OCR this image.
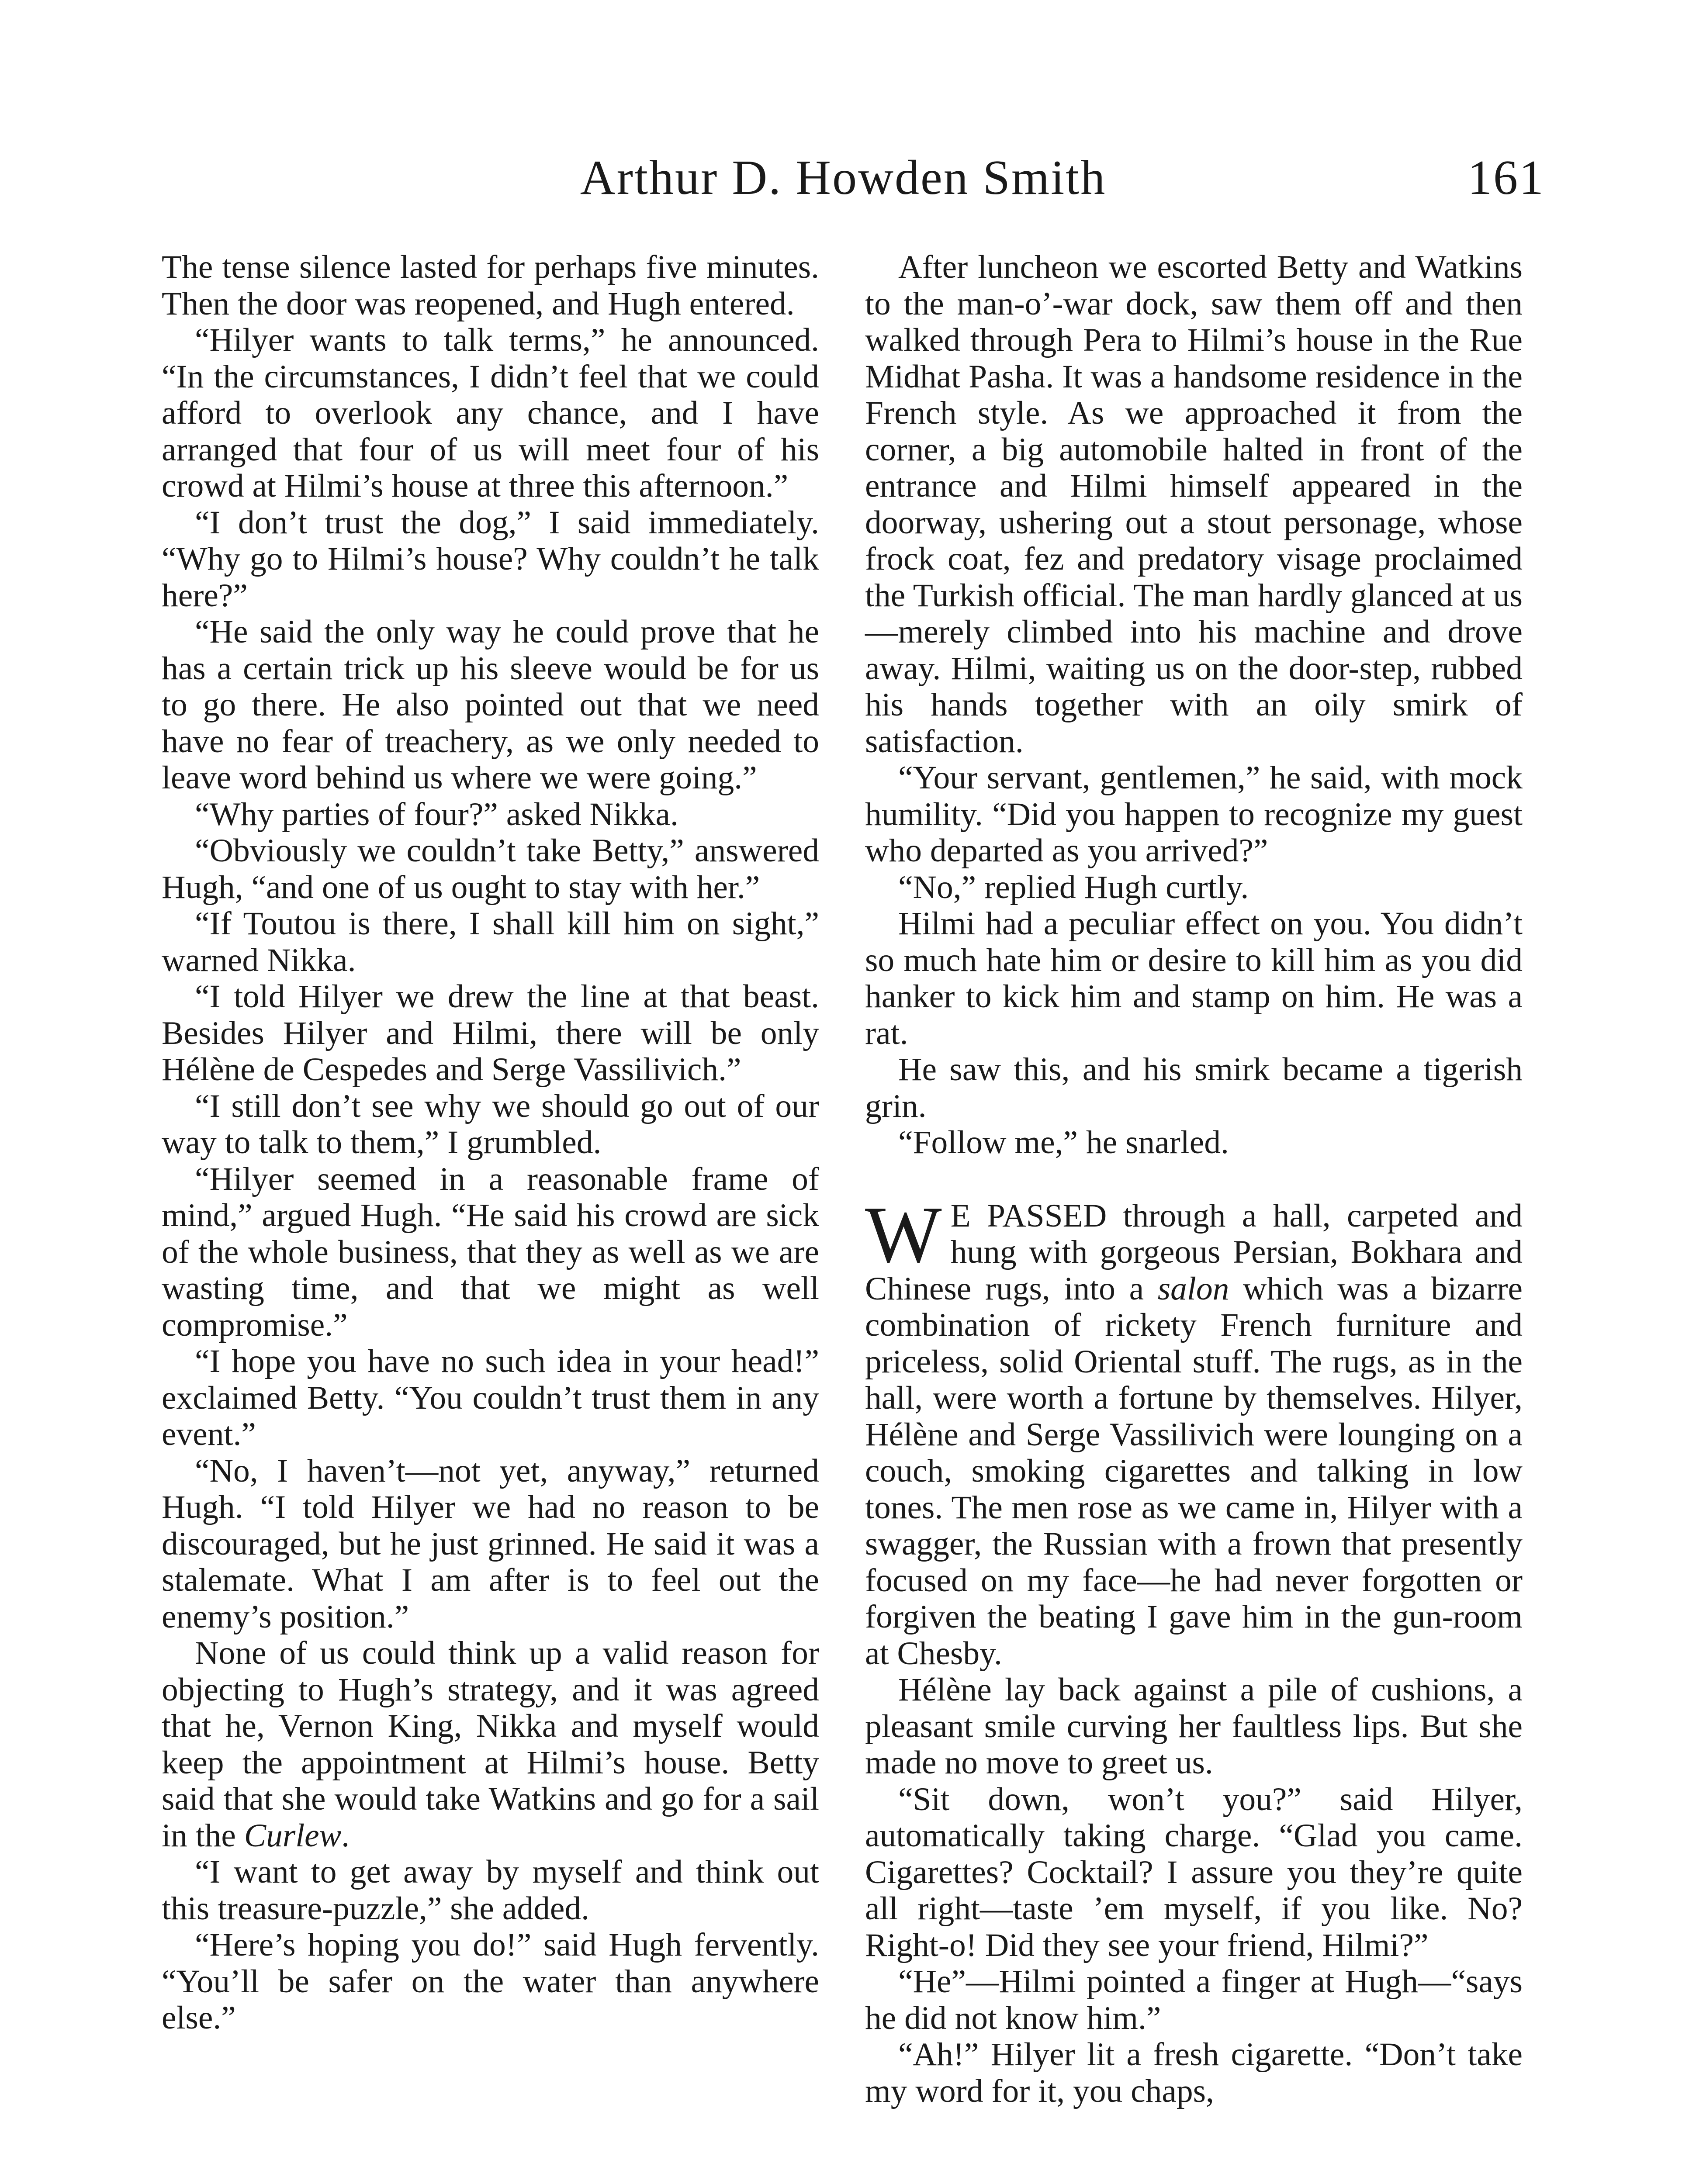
Arthur D. Howden Smith	161

The tense silence lasted for perhaps five minutes. Then the door was reopened, and Hugh entered.

“Hilyer wants to talk terms,” he announced. “In the circumstances, I didn’t feel that we could afford to overlook any chance, and I have arranged that four of us will meet four of his crowd at Hilmi’s house at three this afternoon.”

“I don’t trust the dog,” I said immediately. “Why go to Hilmi’s house? Why couldn’t he talk here?”

“He said the only way he could prove that he has a certain trick up his sleeve would be for us to go there. He also pointed out that we need have no fear of treachery, as we only needed to leave word behind us where we were going.”

“Why parties of four?” asked Nikka.

“Obviously we couldn’t take Betty,” answered Hugh, “and one of us ought to stay with her.”

“If Toutou is there, I shall kill him on sight,” warned Nikka.

“I told Hilyer we drew the line at that beast. Besides Hilyer and Hilmi, there will be only Hélène de Cespedes and Serge Vassilivich.”

“I still don’t see why we should go out of our way to talk to them,” I grumbled.

“Hilyer seemed in a reasonable frame of mind,” argued Hugh. “He said his crowd are sick of the whole business, that they as well as we are wasting time, and that we might as well compromise.”

“I hope you have no such idea in your head!” exclaimed Betty. “You couldn’t trust them in any event.”

“No, I haven’t—not yet, anyway,” returned Hugh. “I told Hilyer we had no reason to be discouraged, but he just grinned. He said it was a stalemate. What I am after is to feel out the enemy’s position.”

None of us could think up a valid reason for objecting to Hugh’s strategy, and it was agreed that he, Vernon King, Nikka and myself would keep the appointment at Hilmi’s house. Betty said that she would take Watkins and go for a sail in the Curlew.

“I want to get away by myself and think out this treasure-puzzle,” she added.

“Here’s hoping you do!” said Hugh fervently. “You’ll be safer on the water than anywhere else.”

After luncheon we escorted Betty and Watkins to the man-o’-war dock, saw them off and then walked through Pera to Hilmi’s house in the Rue Midhat Pasha. It was a handsome residence in the French style. As we approached it from the corner, a big automobile halted in front of the entrance and Hilmi himself appeared in the doorway, ushering out a stout personage, whose frock coat, fez and predatory visage proclaimed the Turkish official. The man hardly glanced at us—merely climbed into his machine and drove away. Hilmi, waiting us on the door-step, rubbed his hands together with an oily smirk of satisfaction.

“Your servant, gentlemen,” he said, with mock humility. “Did you happen to recognize my guest who departed as you arrived?”

“No,” replied Hugh curtly.

Hilmi had a peculiar effect on you. You didn’t so much hate him or desire to kill him as you did hanker to kick him and stamp on him. He was a rat.

He saw this, and his smirk became a tigerish grin.

“Follow me,” he snarled.

W E PASSED through a hall, carpeted and hung with gorgeous Persian, Bokhara and Chinese rugs, into a salon which was a bizarre combination of rickety French furniture and priceless, solid Oriental stuff. The rugs, as in the hall, were worth a fortune by themselves. Hilyer, Hélène and Serge Vassilivich were lounging on a couch, smoking cigarettes and talking in low tones. The men rose as we came in, Hilyer with a swagger, the Russian with a frown that presently focused on my face—he had never forgotten or forgiven the beating I gave him in the gun-room at Chesby.

Hélène lay back against a pile of cushions, a pleasant smile curving her faultless lips. But she made no move to greet us.

“Sit down, won’t you?” said Hilyer, automatically taking charge. “Glad you came. Cigarettes? Cocktail? I assure you they’re quite all right—taste ’em myself, if you like. No? Right-o! Did they see your friend, Hilmi?”

“He”—Hilmi pointed a finger at Hugh—“says he did not know him.”

“Ah!” Hilyer lit a fresh cigarette. “Don’t take my word for it, you chaps,
